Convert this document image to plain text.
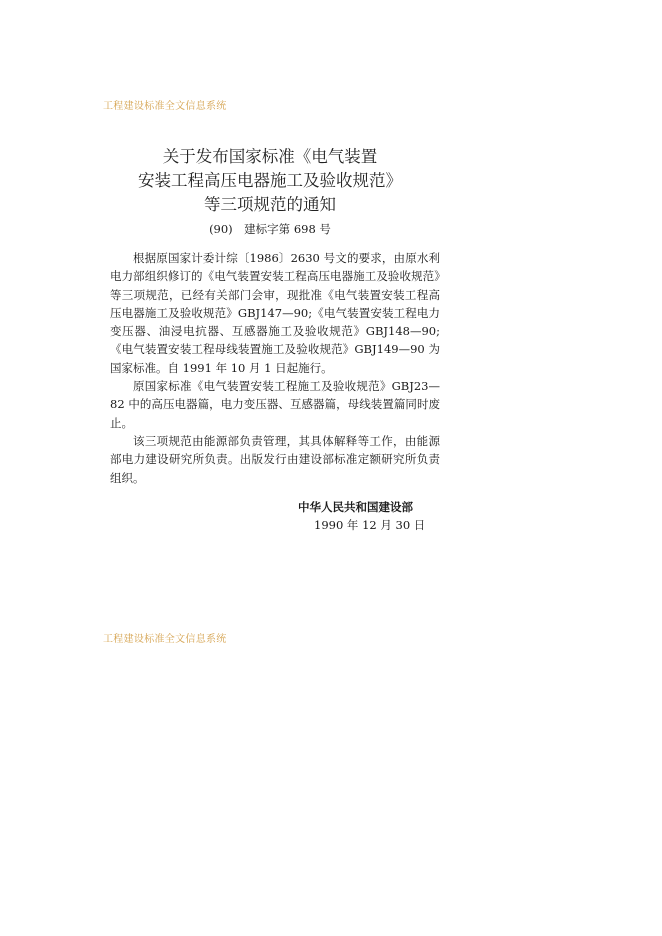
工程建设标准全文信息系统
关于发布国家标准《电气装置
安装工程高压电器施工及验收规范》
等三项规范的通知
(90)　建标字第 698 号

根据原国家计委计综〔1986〕2630 号文的要求，由原水利电力部组织修订的《电气装置安装工程高压电器施工及验收规范》等三项规范，已经有关部门会审，现批准《电气装置安装工程高压电器施工及验收规范》GBJ147—90;《电气装置安装工程电力变压器、油浸电抗器、互感器施工及验收规范》GBJ148—90;《电气装置安装工程母线装置施工及验收规范》GBJ149—90 为国家标准。自 1991 年 10 月 1 日起施行。

原国家标准《电气装置安装工程施工及验收规范》GBJ23—82 中的高压电器篇，电力变压器、互感器篇，母线装置篇同时废止。

该三项规范由能源部负责管理，其具体解释等工作，由能源部电力建设研究所负责。出版发行由建设部标准定额研究所负责组织。

中华人民共和国建设部
1990 年 12 月 30 日
工程建设标准全文信息系统
